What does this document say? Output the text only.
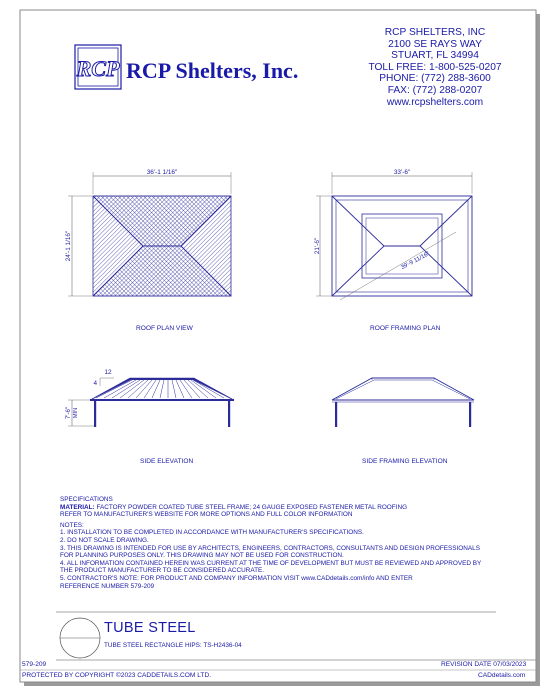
RCP RCP Shelters, Inc.
RCP SHELTERS, INC
2100 SE RAYS WAY
STUART, FL 34994
TOLL FREE: 1-800-525-0207
PHONE: (772) 288-3600
FAX: (772) 288-0207
www.rcpshelters.com
36'-1 1/16"
24'-1 1/16"
ROOF PLAN VIEW
33'-6"
21'-6"
39'-9 11/16"
ROOF FRAMING PLAN
12
4
7'-6" MIN
SIDE ELEVATION	SIDE FRAMING ELEVATION
SPECIFICATIONS
MATERIAL: FACTORY POWDER COATED TUBE STEEL FRAME; 24 GAUGE EXPOSED FASTENER METAL ROOFING
REFER TO MANUFACTURER'S WEBSITE FOR MORE OPTIONS AND FULL COLOR INFORMATION
NOTES:
1. INSTALLATION TO BE COMPLETED IN ACCORDANCE WITH MANUFACTURER'S SPECIFICATIONS.
2. DO NOT SCALE DRAWING.
3. THIS DRAWING IS INTENDED FOR USE BY ARCHITECTS, ENGINEERS, CONTRACTORS, CONSULTANTS AND DESIGN PROFESSIONALS
FOR PLANNING PURPOSES ONLY. THIS DRAWING MAY NOT BE USED FOR CONSTRUCTION.
4. ALL INFORMATION CONTAINED HEREIN WAS CURRENT AT THE TIME OF DEVELOPMENT BUT MUST BE REVIEWED AND APPROVED BY
THE PRODUCT MANUFACTURER TO BE CONSIDERED ACCURATE.
5. CONTRACTOR'S NOTE: FOR PRODUCT AND COMPANY INFORMATION VISIT www.CADdetails.com/info AND ENTER
REFERENCE NUMBER 579-209
TUBE STEEL
TUBE STEEL RECTANGLE HIPS: TS-H2436-04
579-209	REVISION DATE 07/03/2023
PROTECTED BY COPYRIGHT ©2023 CADDETAILS.COM LTD.	CADdetails.com
